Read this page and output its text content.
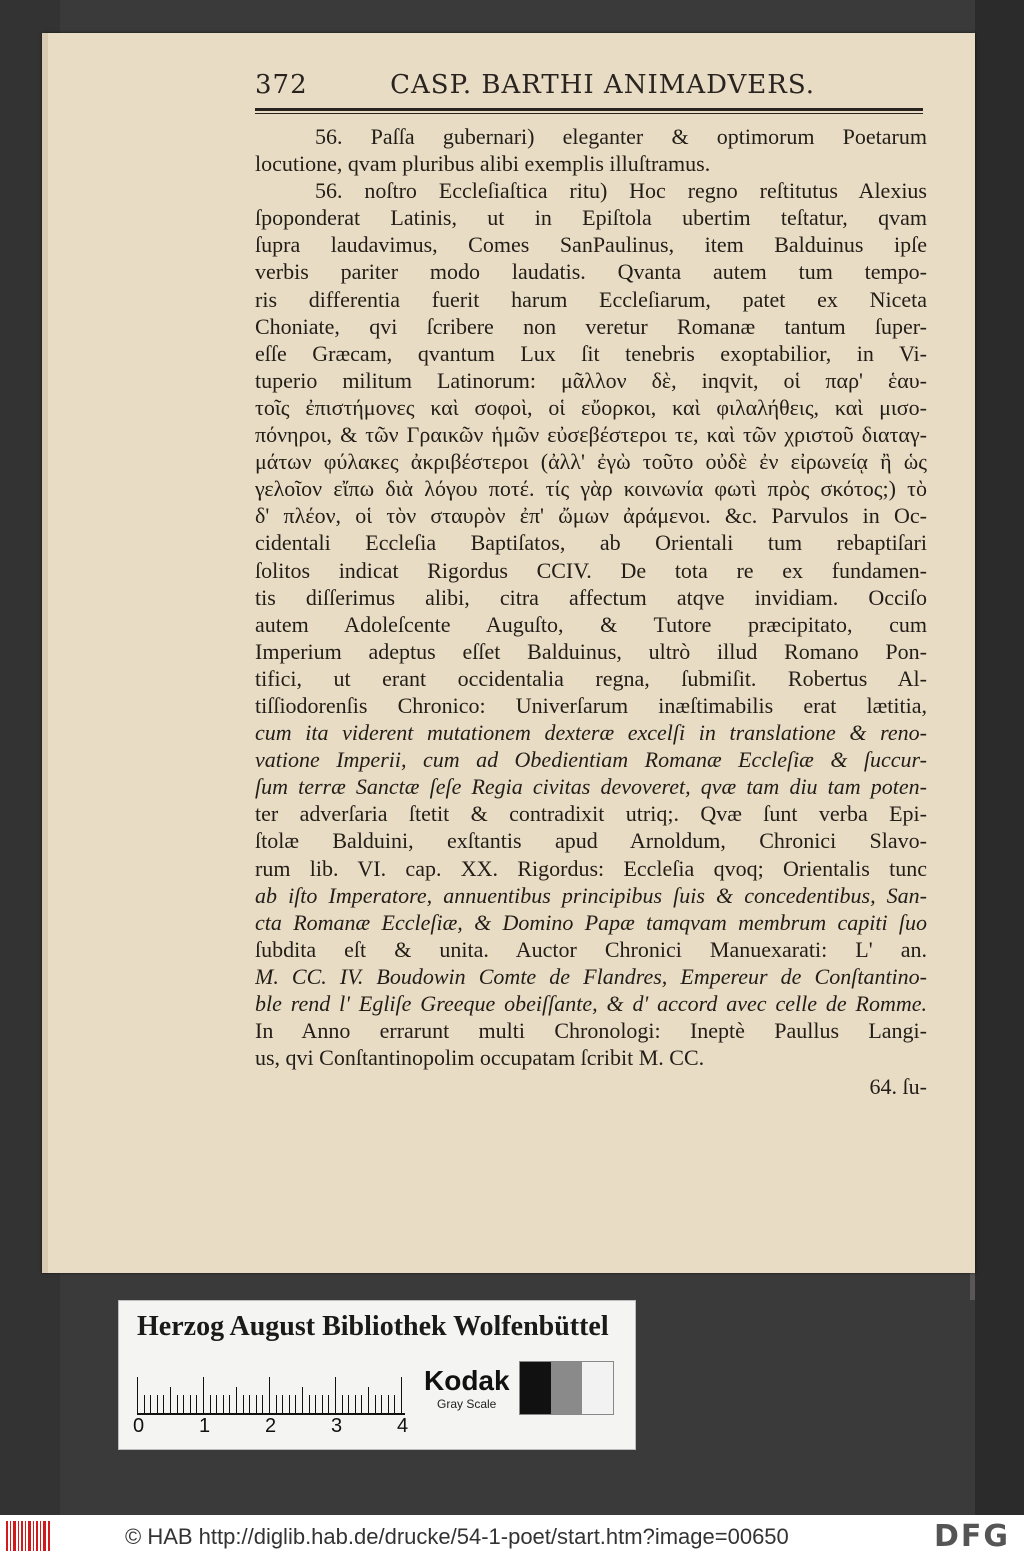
372	CASP. BARTHI ANIMADVERS.
56. Paſſa gubernari) eleganter & optimorum Poetarum
locutione, qvam pluribus alibi exemplis illuſtramus.
56. noſtro Eccleſiaſtica ritu) Hoc regno reſtitutus Alexius
ſpoponderat Latinis, ut in Epiſtola ubertim teſtatur, qvam
ſupra laudavimus, Comes SanPaulinus, item Balduinus ipſe
verbis pariter modo laudatis. Qvanta autem tum tempo-
ris differentia fuerit harum Eccleſiarum, patet ex Niceta
Choniate, qvi ſcribere non veretur Romanæ tantum ſuper-
eſſe Græcam, qvantum Lux ſit tenebris exoptabilior, in Vi-
tuperio militum Latinorum: μᾶλλον δὲ, inqvit, οἱ παρ' ἑαυ-
τοῖς ἐπιστήμονες καὶ σοφοὶ, οἱ εὔορκοι, καὶ φιλαλήθεις, καὶ μισο-
πόνηροι, & τῶν Γραικῶν ἡμῶν εὐσεβέστεροι τε, καὶ τῶν χριστοῦ διαταγ-
μάτων φύλακες ἀκριβέστεροι (ἀλλ' ἐγὼ τοῦτο οὐδὲ ἐν εἰρωνείᾳ ἢ ὡς
γελοῖον εἴπω διὰ λόγου ποτέ. τίς γὰρ κοινωνία φωτὶ πρὸς σκότος;) τὸ
δ' πλέον, οἱ τὸν σταυρὸν ἐπ' ὤμων ἀράμενοι. &c. Parvulos in Oc-
cidentali Eccleſia Baptiſatos, ab Orientali tum rebaptiſari
ſolitos indicat Rigordus CCIV. De tota re ex fundamen-
tis diſſerimus alibi, citra affectum atqve invidiam. Occiſo
autem Adoleſcente Auguſto, & Tutore præcipitato, cum
Imperium adeptus eſſet Balduinus, ultrò illud Romano Pon-
tifici, ut erant occidentalia regna, ſubmiſit. Robertus Al-
tiſſiodorenſis Chronico: Univerſarum inæſtimabilis erat lætitia,
cum ita viderent mutationem dexteræ excelſi in translatione & reno-
vatione Imperii, cum ad Obedientiam Romanæ Eccleſiæ & ſuccur-
ſum terræ Sanctæ ſeſe Regia civitas devoveret, qvæ tam diu tam poten-
ter adverſaria ſtetit & contradixit utriq;. Qvæ ſunt verba Epi-
ſtolæ Balduini, exſtantis apud Arnoldum, Chronici Slavo-
rum lib. VI. cap. XX. Rigordus: Eccleſia qvoq; Orientalis tunc
ab iſto Imperatore, annuentibus principibus ſuis & concedentibus, San-
cta Romanæ Eccleſiæ, & Domino Papæ tamqvam membrum capiti ſuo
ſubdita eſt & unita. Auctor Chronici Manuexarati: L' an.
M. CC. IV. Boudowin Comte de Flandres, Empereur de Conſtantino-
ble rend l' Egliſe Greeque obeiſſante, & d' accord avec celle de Romme.
In Anno errarunt multi Chronologi: Ineptè Paullus Langi-
us, qvi Conſtantinopolim occupatam ſcribit M. CC.
64. ſu-
Herzog August Bibliothek Wolfenbüttel
0	1	2	3	4
Kodak
Gray Scale
© HAB http://diglib.hab.de/drucke/54-1-poet/start.htm?image=00650	DFG
